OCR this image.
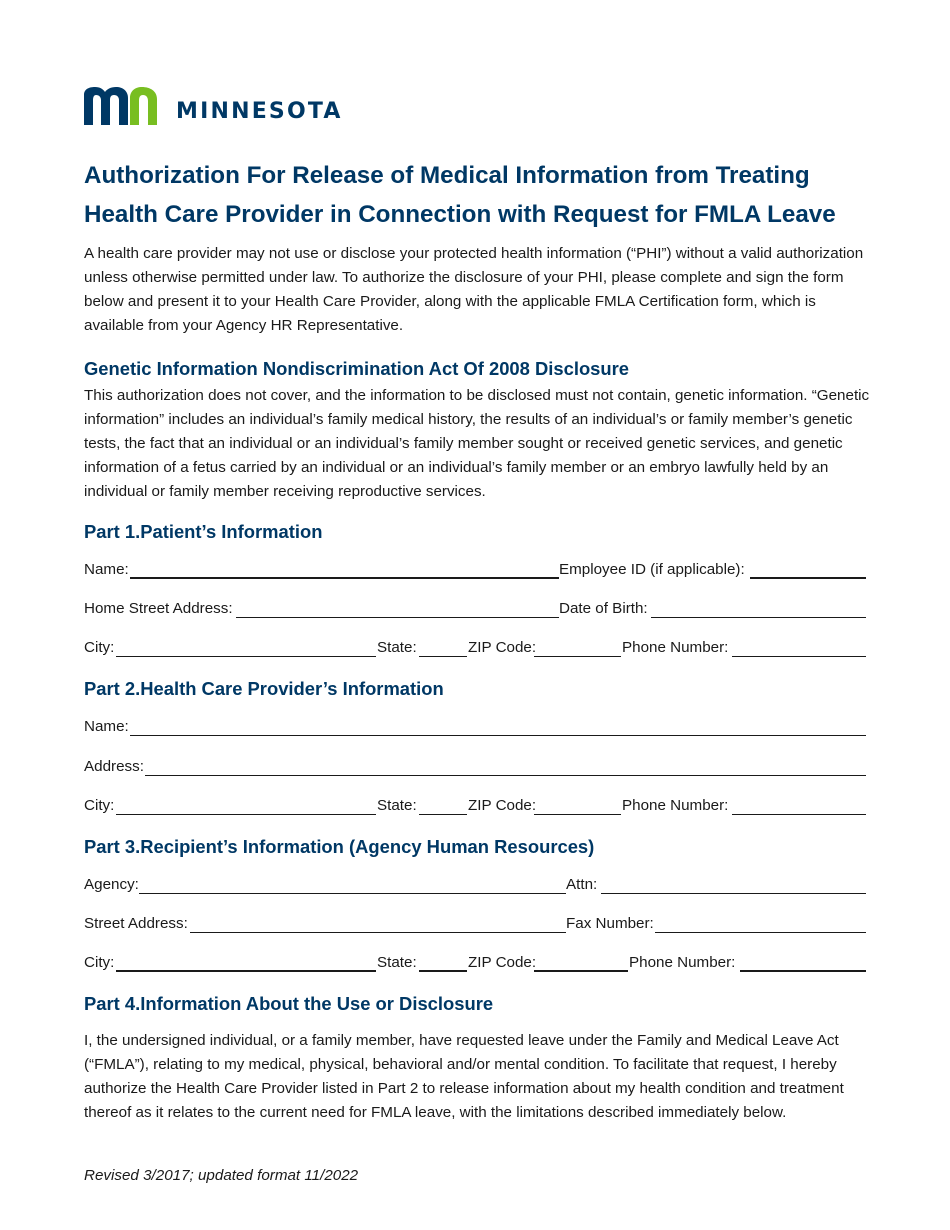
MINNESOTA
Authorization For Release of Medical Information from Treating Health Care Provider in Connection with Request for FMLA Leave

A health care provider may not use or disclose your protected health information (“PHI”) without a valid authorization unless otherwise permitted under law. To authorize the disclosure of your PHI, please complete and sign the form below and present it to your Health Care Provider, along with the applicable FMLA Certification form, which is available from your Agency HR Representative.

Genetic Information Nondiscrimination Act Of 2008 Disclosure

This authorization does not cover, and the information to be disclosed must not contain, genetic information. “Genetic information” includes an individual’s family medical history, the results of an individual’s or family member’s genetic tests, the fact that an individual or an individual’s family member sought or received genetic services, and genetic information of a fetus carried by an individual or an individual’s family member or an embryo lawfully held by an individual or family member receiving reproductive services.

Part 1.Patient’s Information
Name:	Employee ID (if applicable):
Home Street Address:	Date of Birth:
City:	State:	ZIP Code:	Phone Number:
Part 2.Health Care Provider’s Information
Name:
Address:
City:	State:	ZIP Code:	Phone Number:
Part 3.Recipient’s Information (Agency Human Resources)
Agency:	Attn:
Street Address:	Fax Number:
City:	State:	ZIP Code:	Phone Number:
Part 4.Information About the Use or Disclosure

I, the undersigned individual, or a family member, have requested leave under the Family and Medical Leave Act (“FMLA”), relating to my medical, physical, behavioral and/or mental condition. To facilitate that request, I hereby authorize the Health Care Provider listed in Part 2 to release information about my health condition and treatment thereof as it relates to the current need for FMLA leave, with the limitations described immediately below.

Revised 3/2017; updated format 11/2022
